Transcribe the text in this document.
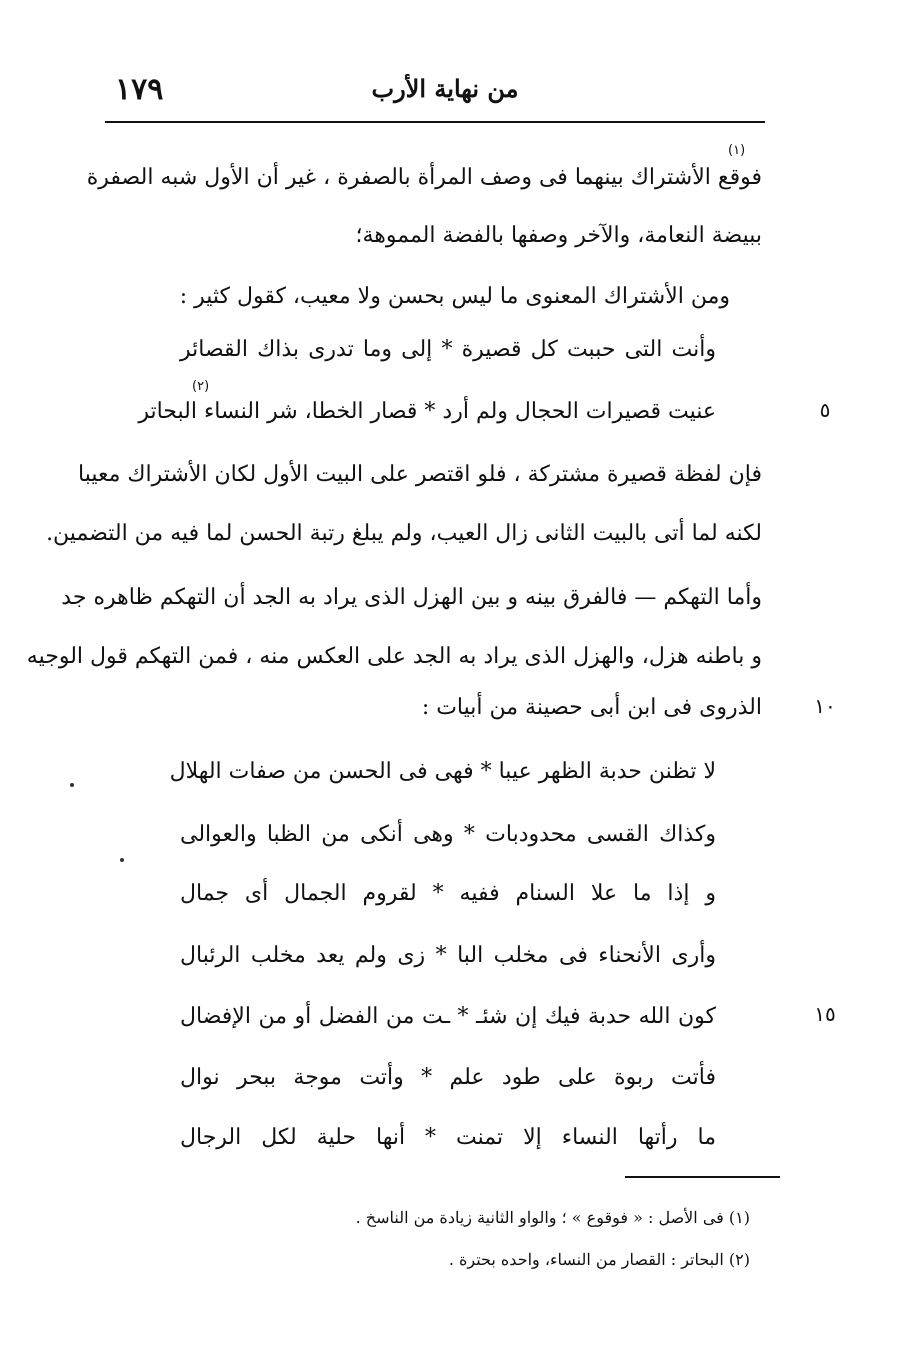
١٧٩	من نهاية الأرب
(١)
فوقع الأشتراك بينهما فى وصف المرأة بالصفرة ، غير أن الأول شبه الصفرة
ببيضة النعامة، والآخر وصفها بالفضة المموهة؛
ومن الأشتراك المعنوى ما ليس بحسن ولا معيب، كقول كثير :
وأنت التى حببت كل قصيرة * إلى وما تدرى بذاك القصائر
(٢)
عنيت قصيرات الحجال ولم أرد * قصار الخطا، شر النساء البحاتر	٥
فإن لفظة قصيرة مشتركة ، فلو اقتصر على البيت الأول لكان الأشتراك معيبا
لكنه لما أتى بالبيت الثانى زال العيب، ولم يبلغ رتبة الحسن لما فيه من التضمين.
وأما التهكم — فالفرق بينه و بين الهزل الذى يراد به الجد أن التهكم ظاهره جد
و باطنه هزل، والهزل الذى يراد به الجد على العكس منه ، فمن التهكم قول الوجيه
الذروى فى ابن أبى حصينة من أبيات :	١٠
لا تظنن حدبة الظهر عيبا * فهى فى الحسن من صفات الهلال
وكذاك القسى محدودبات * وهى أنكى من الظبا والعوالى
و إذا ما علا السنام ففيه * لقروم الجمال أى جمال
وأرى الأنحناء فى مخلب البا * زى ولم يعد مخلب الرئبال
كون الله حدبة فيك إن شئـ * ـت من الفضل أو من الإفضال	١٥
فأتت ربوة على طود علم * وأتت موجة ببحر نوال
ما رأتها النساء إلا تمنت * أنها حلية لكل الرجال
(١) فى الأصل : « فوقوع » ؛ والواو الثانية زيادة من الناسخ .
(٢) البحاتر : القصار من النساء، واحده بحترة .
